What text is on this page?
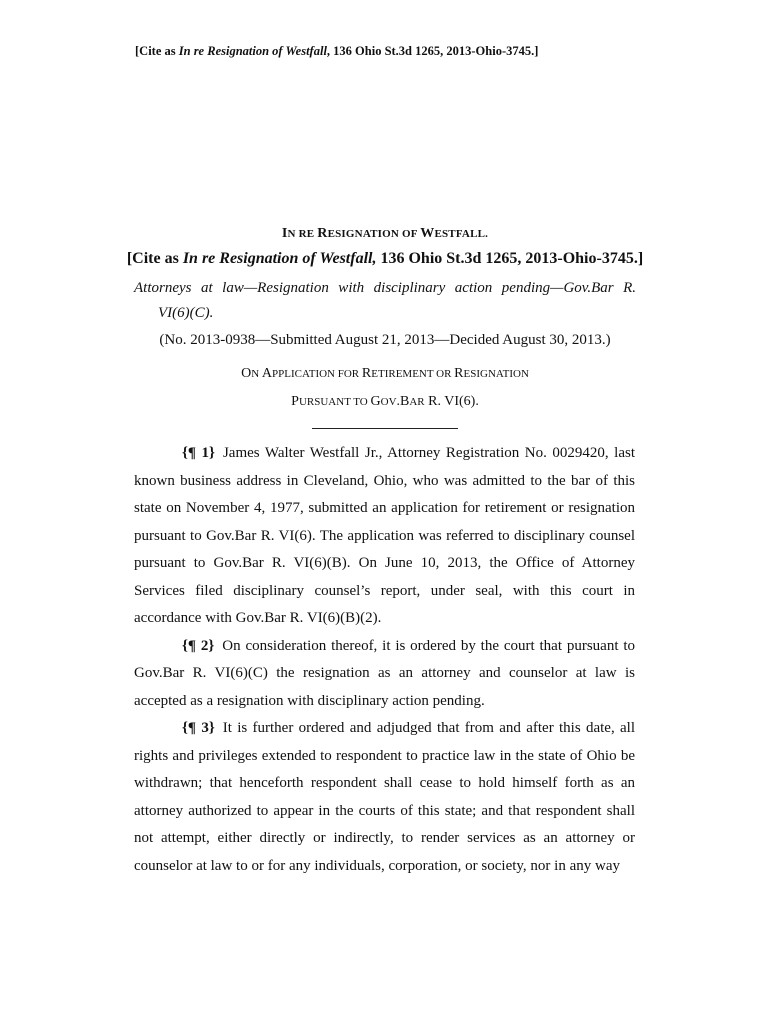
[Cite as In re Resignation of Westfall, 136 Ohio St.3d 1265, 2013-Ohio-3745.]
IN RE RESIGNATION OF WESTFALL.
[Cite as In re Resignation of Westfall, 136 Ohio St.3d 1265, 2013-Ohio-3745.]
Attorneys at law—Resignation with disciplinary action pending—Gov.Bar R.
VI(6)(C).
(No. 2013-0938—Submitted August 21, 2013—Decided August 30, 2013.)
ON APPLICATION FOR RETIREMENT OR RESIGNATION
PURSUANT TO GOV.BAR R. VI(6).

{¶ 1} James Walter Westfall Jr., Attorney Registration No. 0029420, last known business address in Cleveland, Ohio, who was admitted to the bar of this state on November 4, 1977, submitted an application for retirement or resignation pursuant to Gov.Bar R. VI(6). The application was referred to disciplinary counsel pursuant to Gov.Bar R. VI(6)(B). On June 10, 2013, the Office of Attorney Services filed disciplinary counsel’s report, under seal, with this court in accordance with Gov.Bar R. VI(6)(B)(2).

{¶ 2} On consideration thereof, it is ordered by the court that pursuant to Gov.Bar R. VI(6)(C) the resignation as an attorney and counselor at law is accepted as a resignation with disciplinary action pending.

{¶ 3} It is further ordered and adjudged that from and after this date, all rights and privileges extended to respondent to practice law in the state of Ohio be withdrawn; that henceforth respondent shall cease to hold himself forth as an attorney authorized to appear in the courts of this state; and that respondent shall not attempt, either directly or indirectly, to render services as an attorney or counselor at law to or for any individuals, corporation, or society, nor in any way
